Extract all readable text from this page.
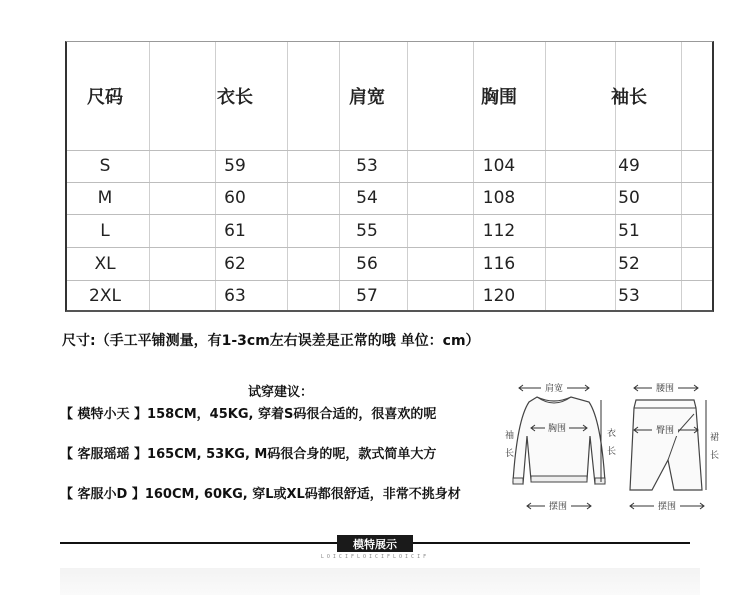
尺码	衣长	肩宽	胸围	袖长
S	59	53	104	49
M	60	54	108	50
L	61	55	112	51
XL	62	56	116	52
2XL	63	57	120	53
尺寸:（手工平铺测量，有1-3cm左右误差是正常的哦 单位：cm）
试穿建议：
【 模特小天 】158CM，45KG, 穿着S码很合适的，很喜欢的呢
【 客服瑶瑶 】165CM, 53KG, M码很合身的呢，款式简单大方
【 客服小D 】160CM, 60KG, 穿L或XL码都很舒适，非常不挑身材
肩宽
胸围
袖
长
衣
长
摆围
腰围
臀围
裙
长
摆围
模特展示
LOICIFLOICIFLOICIF
